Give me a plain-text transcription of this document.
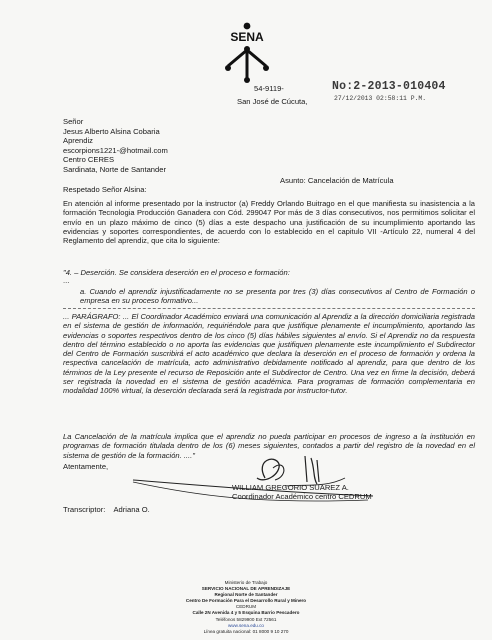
SENA
54-9119-
San José de Cúcuta,
No:2-2013-010404
27/12/2013 02:58:11 P.M.
Señor
Jesus Alberto Alsina Cobaria
Aprendiz
escorpions1221-@hotmail.com
Centro CERES
Sardinata, Norte de Santander
Asunto: Cancelación de Matrícula
Respetado Señor Alsina:
En atención al informe presentado por la instructor (a) Freddy Orlando Buitrago en el que manifiesta su inasistencia a la formación Tecnologia Producción Ganadera con Cód. 299047 Por más de 3 días consecutivos, nos permitimos solicitar el envío en un plazo máximo de cinco (5) días a este despacho una justificación de su incumplimiento aportando las evidencias y soportes correspondientes, de acuerdo con lo establecido en el capitulo VII -Artículo 22, numeral 4 del Reglamento del aprendiz, que cita lo siguiente:
"4. – Deserción. Se considera deserción en el proceso e formación:
...
a. Cuando el aprendiz injustificadamente no se presenta por tres (3) días consecutivos al Centro de Formación o empresa en su proceso formativo...
... PARÁGRAFO: ... El Coordinador Académico enviará una comunicación al Aprendiz a la dirección domiciliaria registrada en el sistema de gestión de información, requiriéndole para que justifique plenamente el incumplimiento, aportando las evidencias o soportes respectivos dentro de los cinco (5) días hábiles siguientes al envío. Si el Aprendiz no da respuesta dentro del término establecido o no aporta las evidencias que justifiquen plenamente este incumplimiento el Subdirector del Centro de Formación suscribirá el acto académico que declara la deserción en el proceso de formación y ordena la respectiva cancelación de matrícula, acto administrativo debidamente notificado al aprendiz, para que dentro de los términos de la Ley presente el recurso de Reposición ante el Subdirector de Centro. Una vez en firme la decisión, deberá ser registrada la novedad en el sistema de gestión académica. Para programas de formación complementaria en modalidad 100% virtual, la deserción declarada será la registrada por instructor-tutor.
La Cancelación de la matrícula implica que el aprendiz no pueda participar en procesos de ingreso a la institución en programas de formación titulada dentro de los (6) meses siguientes, contados a partir del registro de la novedad en el sistema de gestión de la formación. ...."
Atentamente,
WILLIAM GREGORIO SUAREZ A.
Coordinador Académico centro CEDRUM
Transcriptor: Adriana O.
Ministerio de Trabajo
SERVICIO NACIONAL DE APRENDIZAJE
Regional Norte de Santander
Centro De Formación Para el Desarrollo Rural y Minero
CEDRUM
Calle 2N Avenida 4 y 5 Esquina Barrio Pescadero
Teléfonos 5829900 Ext 72561
www.sena.edu.co
Línea gratuita nacional: 01 8000 9 10 270
